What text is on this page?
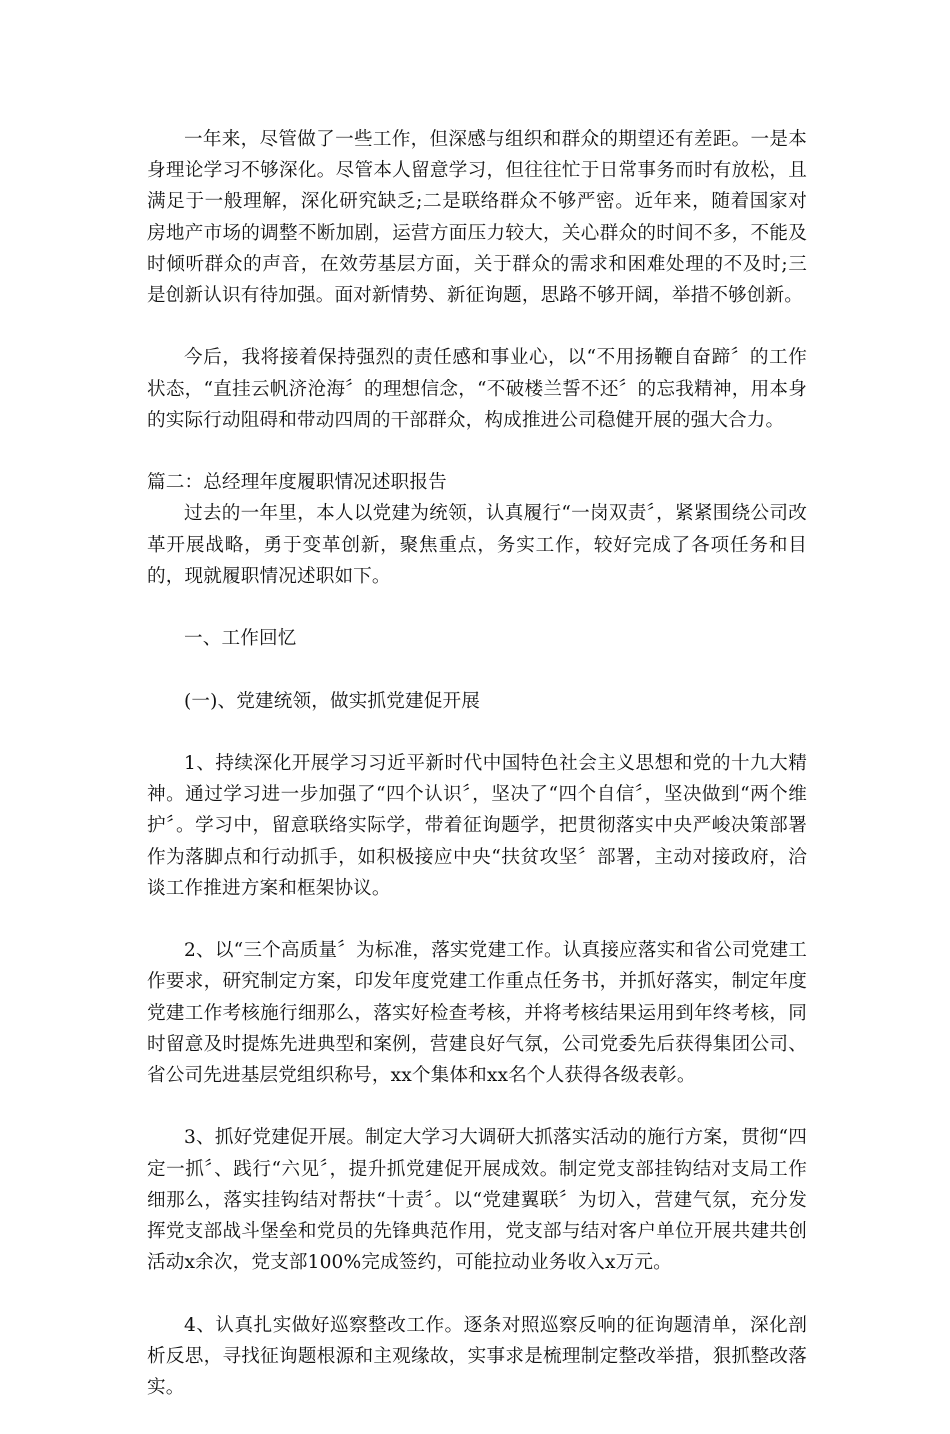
一年来，尽管做了一些工作，但深感与组织和群众的期望还有差距。一是本身理论学习不够深化。尽管本人留意学习，但往往忙于日常事务而时有放松，且满足于一般理解，深化研究缺乏;二是联络群众不够严密。近年来，随着国家对房地产市场的调整不断加剧，运营方面压力较大，关心群众的时间不多，不能及时倾听群众的声音，在效劳基层方面，关于群众的需求和困难处理的不及时;三是创新认识有待加强。面对新情势、新征询题，思路不够开阔，举措不够创新。

今后，我将接着保持强烈的责任感和事业心，以“不用扬鞭自奋蹄〞的工作状态，“直挂云帆济沧海〞的理想信念，“不破楼兰誓不还〞的忘我精神，用本身的实际行动阻碍和带动四周的干部群众，构成推进公司稳健开展的强大合力。

篇二：总经理年度履职情况述职报告

过去的一年里，本人以党建为统领，认真履行“一岗双责〞，紧紧围绕公司改革开展战略，勇于变革创新，聚焦重点，务实工作，较好完成了各项任务和目的，现就履职情况述职如下。

一、工作回忆

(一)、党建统领，做实抓党建促开展

1、持续深化开展学习习近平新时代中国特色社会主义思想和党的十九大精神。通过学习进一步加强了“四个认识〞，坚决了“四个自信〞，坚决做到“两个维护〞。学习中，留意联络实际学，带着征询题学，把贯彻落实中央严峻决策部署作为落脚点和行动抓手，如积极接应中央“扶贫攻坚〞部署，主动对接政府，洽谈工作推进方案和框架协议。

2、以“三个高质量〞为标准，落实党建工作。认真接应落实和省公司党建工作要求，研究制定方案，印发年度党建工作重点任务书，并抓好落实，制定年度党建工作考核施行细那么，落实好检查考核，并将考核结果运用到年终考核，同时留意及时提炼先进典型和案例，营建良好气氛，公司党委先后获得集团公司、省公司先进基层党组织称号，xx个集体和xx名个人获得各级表彰。

3、抓好党建促开展。制定大学习大调研大抓落实活动的施行方案，贯彻“四定一抓〞、践行“六见〞，提升抓党建促开展成效。制定党支部挂钩结对支局工作细那么，落实挂钩结对帮扶“十责〞。以“党建翼联〞为切入，营建气氛，充分发挥党支部战斗堡垒和党员的先锋典范作用，党支部与结对客户单位开展共建共创活动x余次，党支部100%完成签约，可能拉动业务收入x万元。

4、认真扎实做好巡察整改工作。逐条对照巡察反响的征询题清单，深化剖析反思，寻找征询题根源和主观缘故，实事求是梳理制定整改举措，狠抓整改落实。
